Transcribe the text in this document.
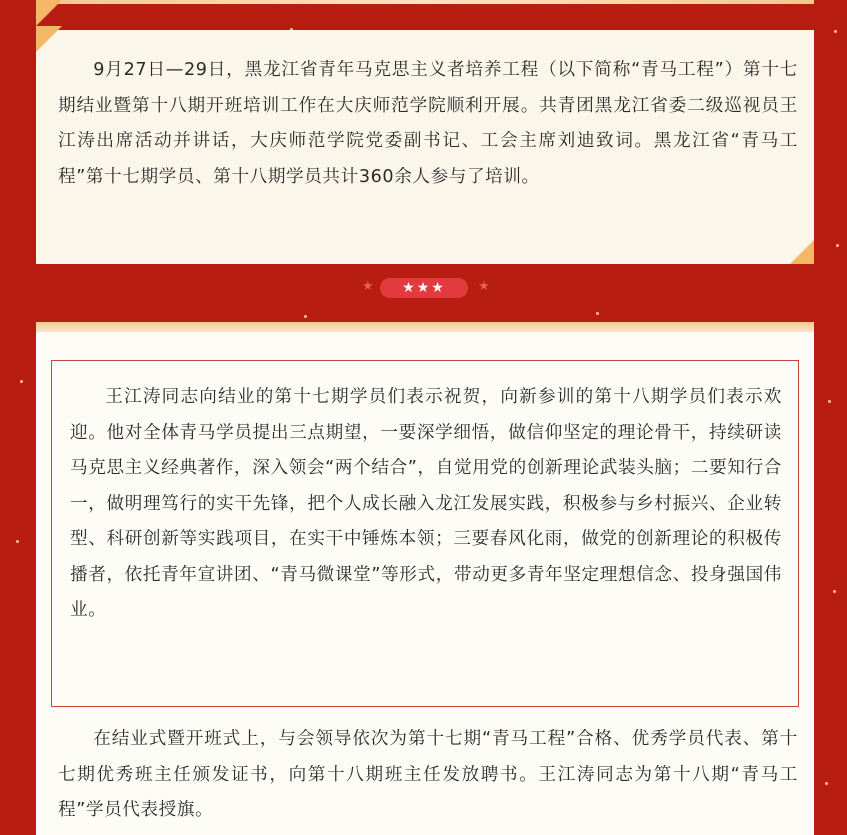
9月27日—29日，黑龙江省青年马克思主义者培养工程（以下简称“青马工程”）第十七期结业暨第十八期开班培训工作在大庆师范学院顺利开展。共青团黑龙江省委二级巡视员王江涛出席活动并讲话，大庆师范学院党委副书记、工会主席刘迪致词。黑龙江省“青马工程”第十七期学员、第十八期学员共计360余人参与了培训。

★	★★★	★

王江涛同志向结业的第十七期学员们表示祝贺，向新参训的第十八期学员们表示欢迎。他对全体青马学员提出三点期望，一要深学细悟，做信仰坚定的理论骨干，持续研读马克思主义经典著作，深入领会“两个结合”，自觉用党的创新理论武装头脑；二要知行合一，做明理笃行的实干先锋，把个人成长融入龙江发展实践，积极参与乡村振兴、企业转型、科研创新等实践项目，在实干中锤炼本领；三要春风化雨，做党的创新理论的积极传播者，依托青年宣讲团、“青马微课堂”等形式，带动更多青年坚定理想信念、投身强国伟业。

在结业式暨开班式上，与会领导依次为第十七期“青马工程”合格、优秀学员代表、第十七期优秀班主任颁发证书，向第十八期班主任发放聘书。王江涛同志为第十八期“青马工程”学员代表授旗。
